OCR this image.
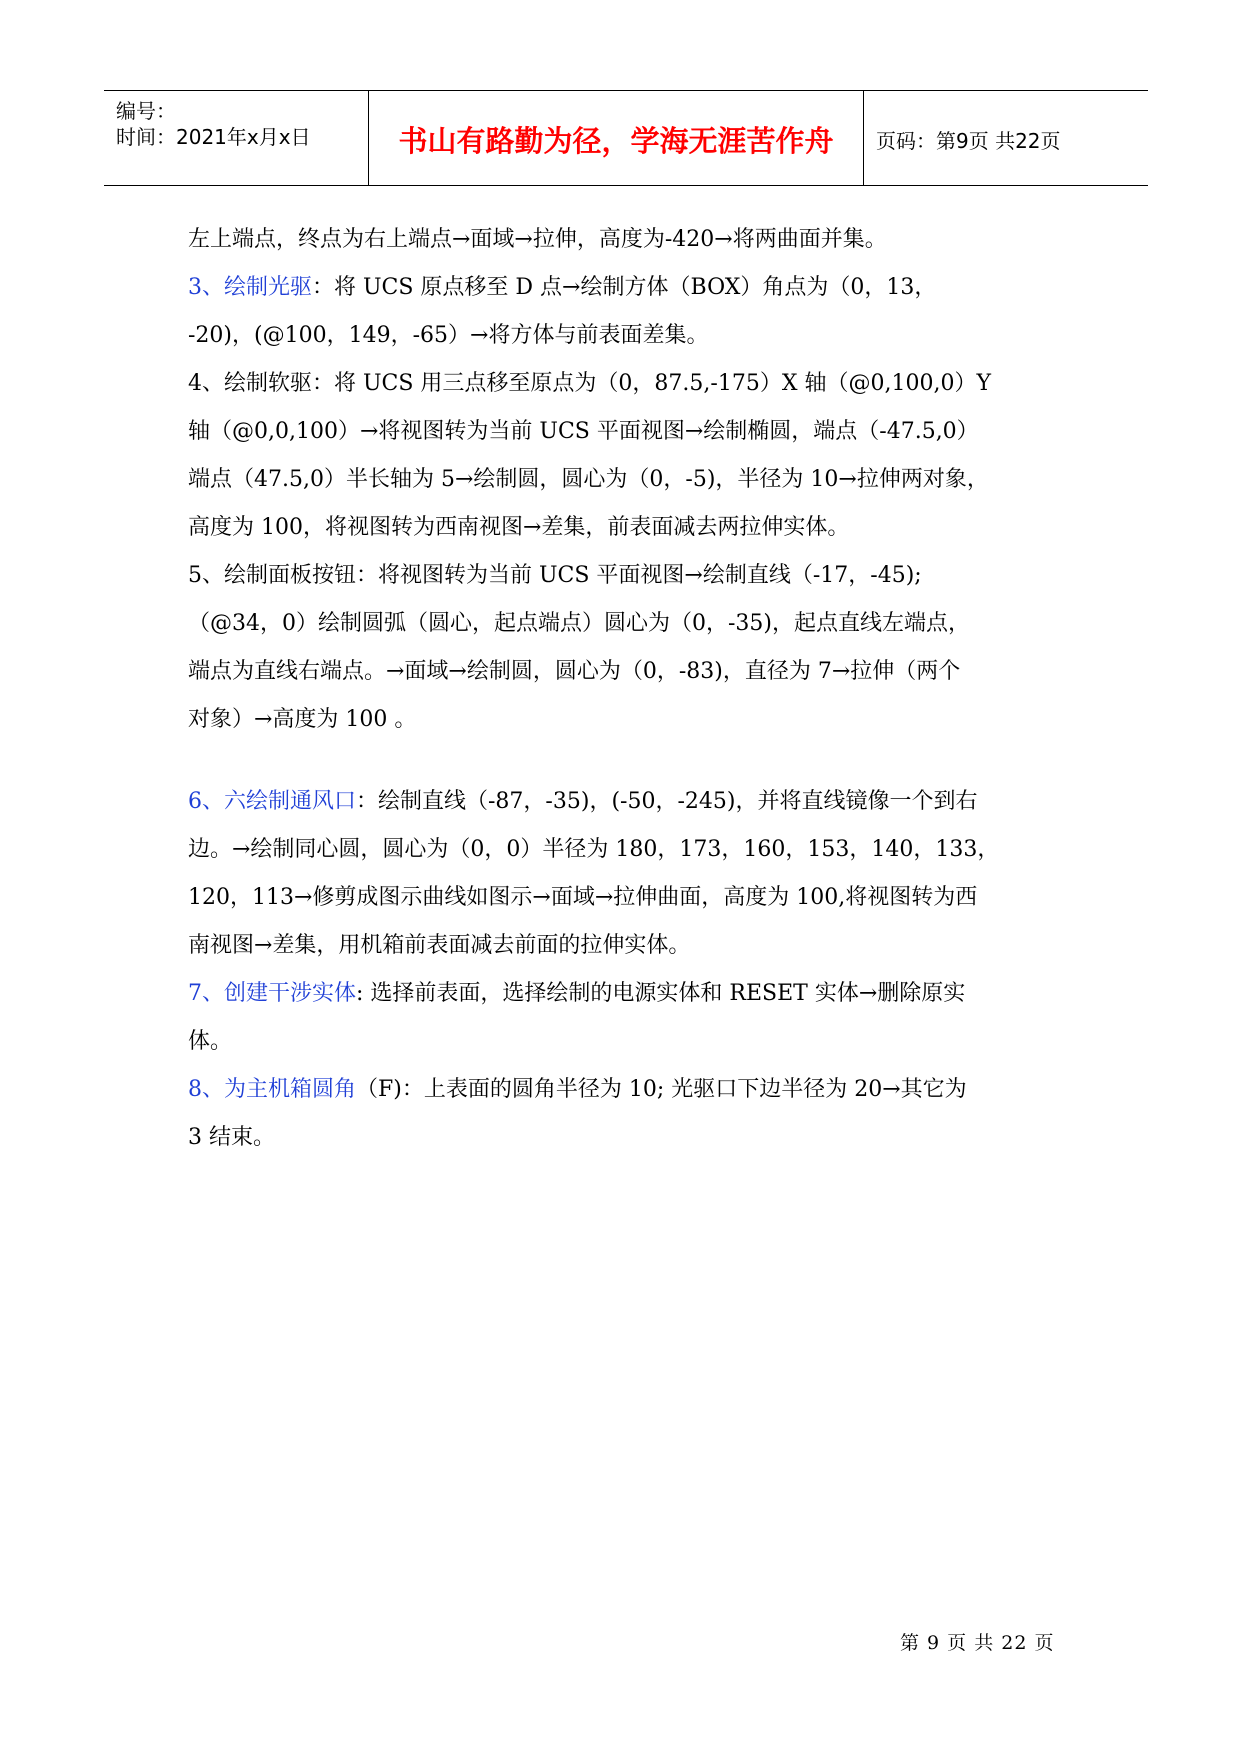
编号：
时间：2021年x月x日	书山有路勤为径，学海无涯苦作舟	页码：第9页 共22页
左上端点，终点为右上端点→面域→拉伸，高度为-420→将两曲面并集。
3、绘制光驱：将 UCS 原点移至 D 点→绘制方体（BOX）角点为（0，13，
-20)，(@100，149，-65）→将方体与前表面差集。
4、绘制软驱：将 UCS 用三点移至原点为（0，87.5,-175）X 轴（@0,100,0）Y
轴（@0,0,100）→将视图转为当前 UCS 平面视图→绘制椭圆，端点（-47.5,0）
端点（47.5,0）半长轴为 5→绘制圆，圆心为（0，-5)，半径为 10→拉伸两对象，
高度为 100，将视图转为西南视图→差集，前表面减去两拉伸实体。
5、绘制面板按钮：将视图转为当前 UCS 平面视图→绘制直线（-17，-45);
（@34，0）绘制圆弧（圆心，起点端点）圆心为（0，-35)，起点直线左端点，
端点为直线右端点。→面域→绘制圆，圆心为（0，-83)，直径为 7→拉伸（两个
对象）→高度为 100 。
6、六绘制通风口：绘制直线（-87，-35)，(-50，-245)，并将直线镜像一个到右
边。→绘制同心圆，圆心为（0，0）半径为 180，173，160，153，140，133，
120，113→修剪成图示曲线如图示→面域→拉伸曲面，高度为 100,将视图转为西
南视图→差集，用机箱前表面减去前面的拉伸实体。
7、创建干涉实体: 选择前表面，选择绘制的电源实体和 RESET 实体→删除原实
体。
8、为主机箱圆角（F)：上表面的圆角半径为 10; 光驱口下边半径为 20→其它为
3 结束。
第 9 页 共 22 页
